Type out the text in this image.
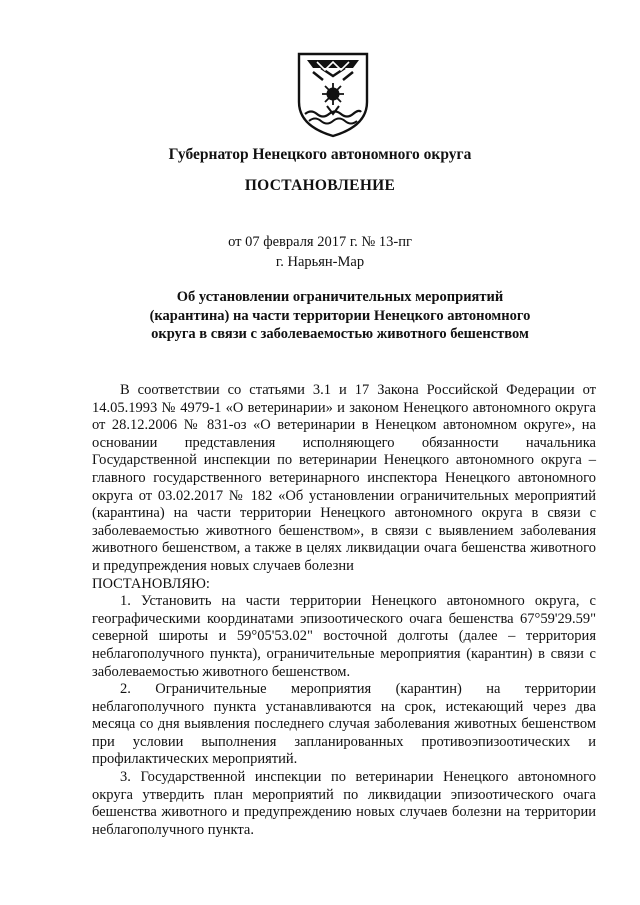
Губернатор Ненецкого автономного округа

ПОСТАНОВЛЕНИЕ

от 07 февраля 2017 г. № 13-пг

г. Нарьян-Мар

Об установлении ограничительных мероприятий (карантина) на части территории Ненецкого автономного округа в связи с заболеваемостью животного бешенством

В соответствии со статьями 3.1 и 17 Закона Российской Федерации от 14.05.1993 № 4979-1 «О ветеринарии» и законом Ненецкого автономного округа от 28.12.2006 № 831-оз «О ветеринарии в Ненецком автономном округе», на основании представления исполняющего обязанности начальника Государственной инспекции по ветеринарии Ненецкого автономного округа – главного государственного ветеринарного инспектора Ненецкого автономного округа от 03.02.2017 № 182 «Об установлении ограничительных мероприятий (карантина) на части территории Ненецкого автономного округа в связи с заболеваемостью животного бешенством», в связи с выявлением заболевания животного бешенством, а также в целях ликвидации очага бешенства животного и предупреждения новых случаев болезни

ПОСТАНОВЛЯЮ:

1. Установить на части территории Ненецкого автономного округа, с географическими координатами эпизоотического очага бешенства 67°59'29.59" северной широты и 59°05'53.02" восточной долготы (далее – территория неблагополучного пункта), ограничительные мероприятия (карантин) в связи с заболеваемостью животного бешенством.

2. Ограничительные мероприятия (карантин) на территории неблагополучного пункта устанавливаются на срок, истекающий через два месяца со дня выявления последнего случая заболевания животных бешенством при условии выполнения запланированных противоэпизоотических и профилактических мероприятий.

3. Государственной инспекции по ветеринарии Ненецкого автономного округа утвердить план мероприятий по ликвидации эпизоотического очага бешенства животного и предупреждению новых случаев болезни на территории неблагополучного пункта.
